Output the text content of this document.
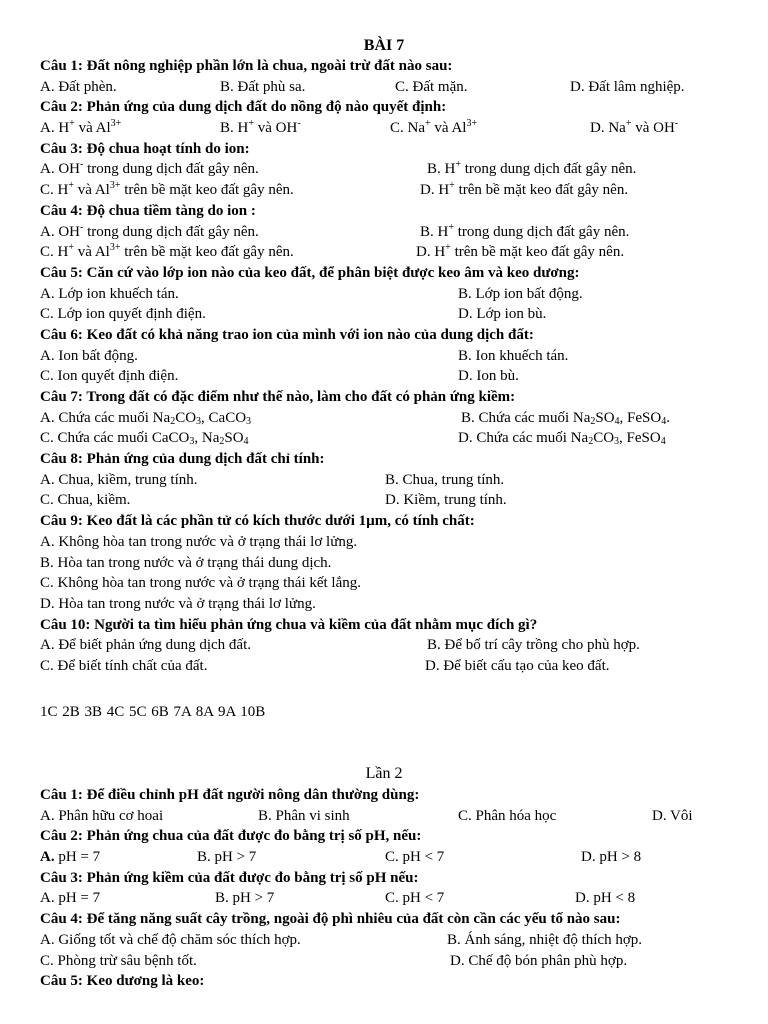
BÀI 7
Câu 1: Đất nông nghiệp phần lớn là chua, ngoài trừ đất nào sau:
A. Đất phèn.	B. Đất phù sa.	C. Đất mặn.	D. Đất lâm nghiệp.
Câu 2: Phản ứng của dung dịch đất do nồng độ nào quyết định:
A. H+ và $Al^{3+}$	B. H+ và OH-	C. Na+ và $Al^{3+}$	D. Na+ và OH-
Câu 3: Độ chua hoạt tính do ion:
A. OH- trong dung dịch đất gây nên.	B. H+ trong dung dịch đất gây nên.
C. H+ và $Al^{3+}$ trên bề mặt keo đất gây nên.	D. H+ trên bề mặt keo đất gây nên.
Câu 4: Độ chua tiềm tàng do ion :
A. OH- trong dung dịch đất gây nên.	B. H+ trong dung dịch đất gây nên.
C. H+ và $Al^{3+}$ trên bề mặt keo đất gây nên.	D. H+ trên bề mặt keo đất gây nên.
Câu 5: Căn cứ vào lớp ion nào của keo đất, để phân biệt được keo âm và keo dương:
A. Lớp ion khuếch tán.	B. Lớp ion bất động.
C. Lớp ion quyết định điện.	D. Lớp ion bù.
Câu 6: Keo đất có khả năng trao ion của mình với ion nào của dung dịch đất:
A. Ion bất động.	B. Ion khuếch tán.
C. Ion quyết định điện.	D. Ion bù.
Câu 7: Trong đất có đặc điểm như thế nào, làm cho đất có phản ứng kiềm:
A. Chứa các muối $Na_2CO_3$, CaCO$_3$	B. Chứa các muối $Na_2SO_4$, FeSO$_4$.
C. Chứa các muối CaCO$_3$, $Na_2SO_4$	D. Chứa các muối $Na_2CO_3$, FeSO$_4$
Câu 8: Phản ứng của dung dịch đất chỉ tính:
A. Chua, kiềm, trung tính.	B. Chua, trung tính.
C. Chua, kiềm.	D. Kiềm, trung tính.
Câu 9: Keo đất là các phần tử có kích thước dưới 1µm, có tính chất:
A. Không hòa tan trong nước và ở trạng thái lơ lửng.
B. Hòa tan trong nước và ở trạng thái dung dịch.
C. Không hòa tan trong nước và ở trạng thái kết lắng.
D. Hòa tan trong nước và ở trạng thái lơ lửng.
Câu 10: Người ta tìm hiểu phản ứng chua và kiềm của đất nhằm mục đích gì?
A. Để biết phản ứng dung dịch đất.	B. Để bố trí cây trồng cho phù hợp.
C. Để biết tính chất của đất.	D. Để biết cấu tạo của keo đất.
1C 2B 3B 4C 5C 6B 7A 8A 9A 10B
Lần 2
Câu 1: Để điều chỉnh pH đất người nông dân thường dùng:
A. Phân hữu cơ hoai	B. Phân vi sinh	C. Phân hóa học	D. Vôi
Câu 2: Phản ứng chua của đất được đo bằng trị số pH, nếu:
A. pH = 7	B. pH > 7	C. pH < 7	D. pH > 8
Câu 3: Phản ứng kiềm của đất được đo bằng trị số pH nếu:
A. pH = 7	B. pH > 7	C. pH < 7	D. pH < 8
Câu 4: Để tăng năng suất cây trồng, ngoài độ phì nhiêu của đất còn cần các yếu tố nào sau:
A. Giống tốt và chế độ chăm sóc thích hợp.	B. Ánh sáng, nhiệt độ thích hợp.
C. Phòng trừ sâu bệnh tốt.	D. Chế độ bón phân phù hợp.
Câu 5: Keo dương là keo:
